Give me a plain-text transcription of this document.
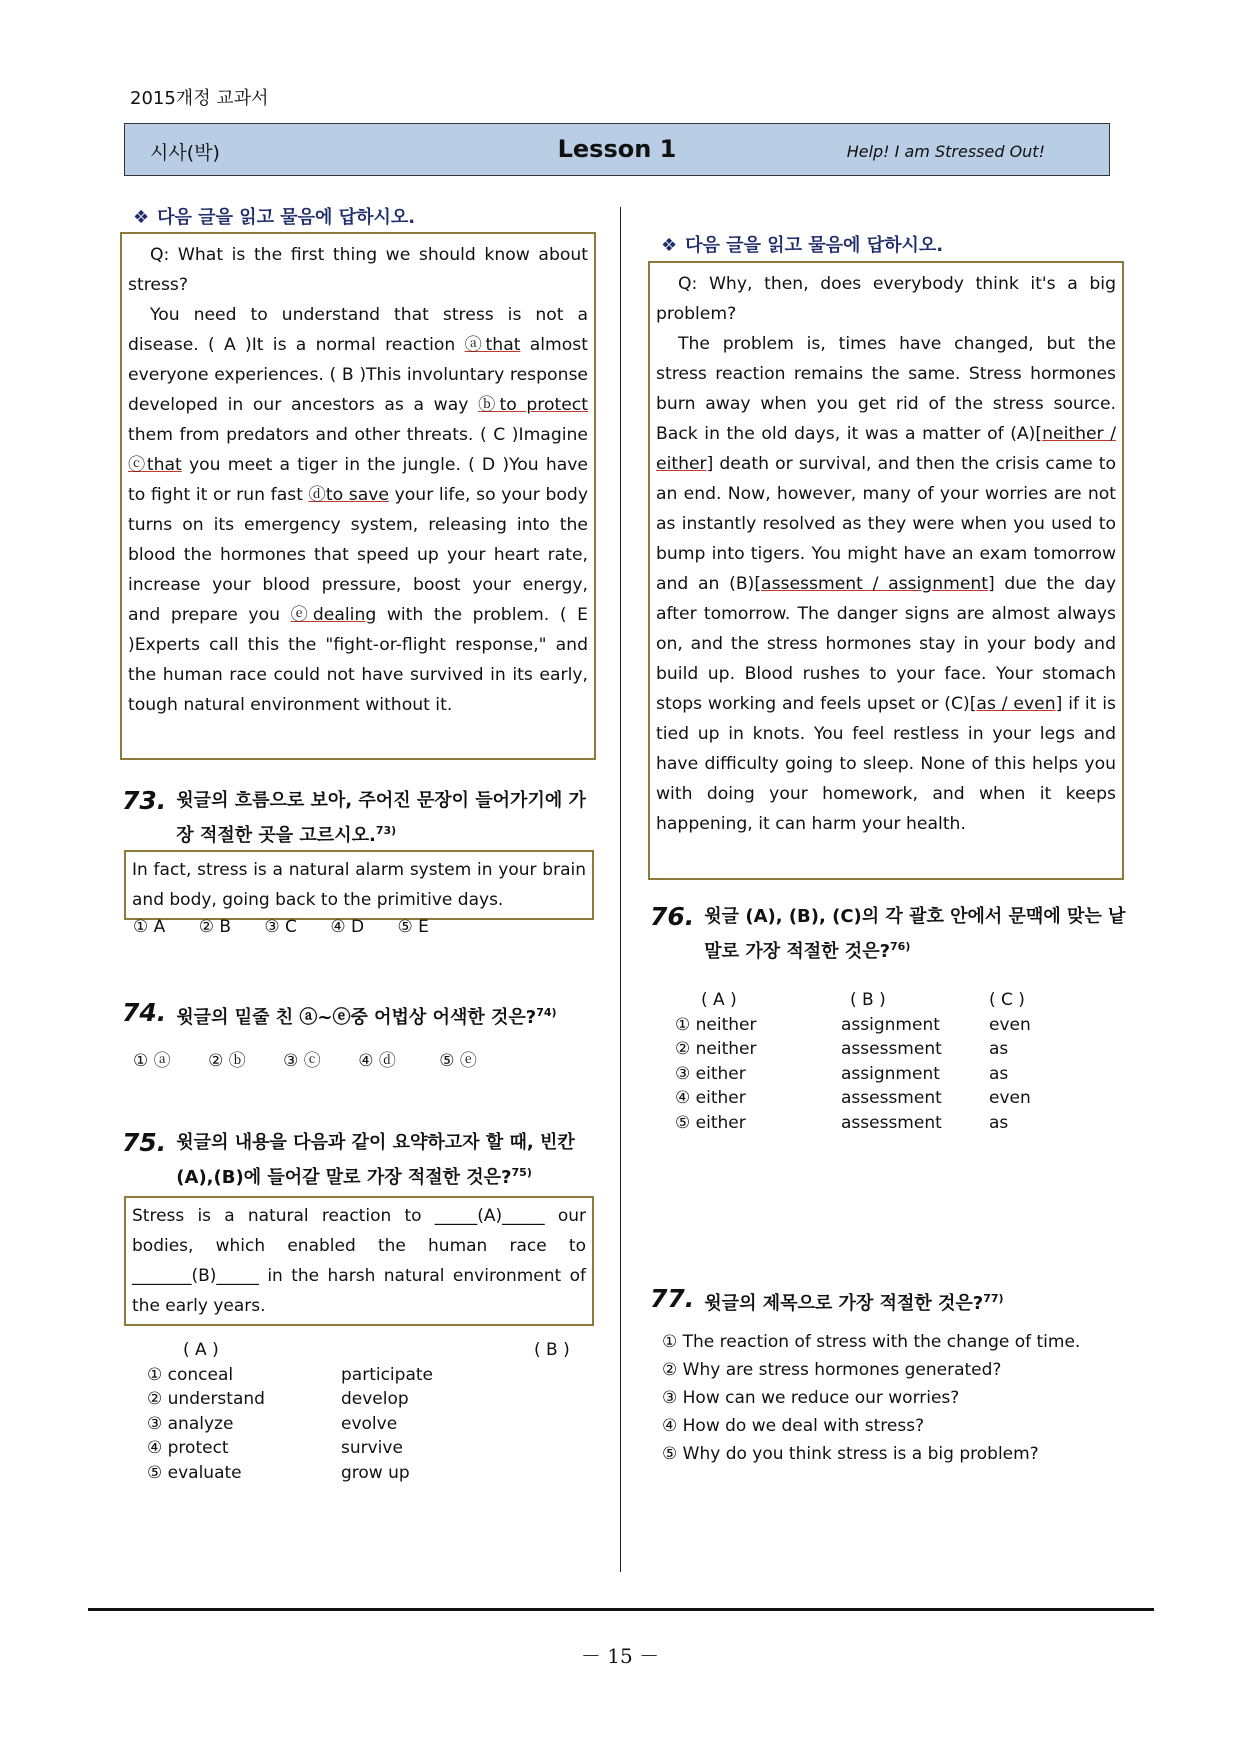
2015개정 교과서
시사(박)	Lesson 1	Help! I am Stressed Out!
❖ 다음 글을 읽고 물음에 답하시오.

Q: What is the first thing we should know about stress?

You need to understand that stress is not a disease. ( A )It is a normal reaction ⓐthat almost everyone experiences. ( B )This involuntary response developed in our ancestors as a way ⓑto protect them from predators and other threats. ( C )Imagine ⓒthat you meet a tiger in the jungle. ( D )You have to fight it or run fast ⓓto save your life, so your body turns on its emergency system, releasing into the blood the hormones that speed up your heart rate, increase your blood pressure, boost your energy, and prepare you ⓔdealing with the problem. ( E )Experts call this the "fight-or-flight response," and the human race could not have survived in its early, tough natural environment without it.

73. 윗글의 흐름으로 보아, 주어진 문장이 들어가기에 가장 적절한 곳을 고르시오.$^{73)}$
In fact, stress is a natural alarm system in your brain and body, going back to the primitive days.
① A ② B ③ C ④ D ⑤ E
74. 윗글의 밑줄 친 ⓐ~ⓔ중 어법상 어색한 것은?$^{74)}$
① ⓐ ② ⓑ ③ ⓒ ④ ⓓ	⑤ ⓔ
75. 윗글의 내용을 다음과 같이 요약하고자 할 때, 빈칸 (A),(B)에 들어갈 말로 가장 적절한 것은?$^{75)}$
Stress is a natural reaction to _____(A)_____ our bodies, which enabled the human race to _______(B)_____ in the harsh natural environment of the early years.
( A )	( B )
① conceal	participate
② understand	develop
③ analyze	evolve
④ protect	survive
⑤ evaluate	grow up
❖ 다음 글을 읽고 물음에 답하시오.

Q: Why, then, does everybody think it's a big problem?

The problem is, times have changed, but the stress reaction remains the same. Stress hormones burn away when you get rid of the stress source. Back in the old days, it was a matter of (A)[neither / either] death or survival, and then the crisis came to an end. Now, however, many of your worries are not as instantly resolved as they were when you used to bump into tigers. You might have an exam tomorrow and an (B)[assessment / assignment] due the day after tomorrow. The danger signs are almost always on, and the stress hormones stay in your body and build up. Blood rushes to your face. Your stomach stops working and feels upset or (C)[as / even] if it is tied up in knots. You feel restless in your legs and have difficulty going to sleep. None of this helps you with doing your homework, and when it keeps happening, it can harm your health.

76. 윗글 (A), (B), (C)의 각 괄호 안에서 문맥에 맞는 낱말로 가장 적절한 것은?$^{76)}$
( A )	( B )	( C )
① neither	assignment	even
② neither	assessment	as
③ either	assignment	as
④ either	assessment	even
⑤ either	assessment	as
77. 윗글의 제목으로 가장 적절한 것은?$^{77)}$
① The reaction of stress with the change of time.
② Why are stress hormones generated?
③ How can we reduce our worries?
④ How do we deal with stress?
⑤ Why do you think stress is a big problem?
－ 15 －
